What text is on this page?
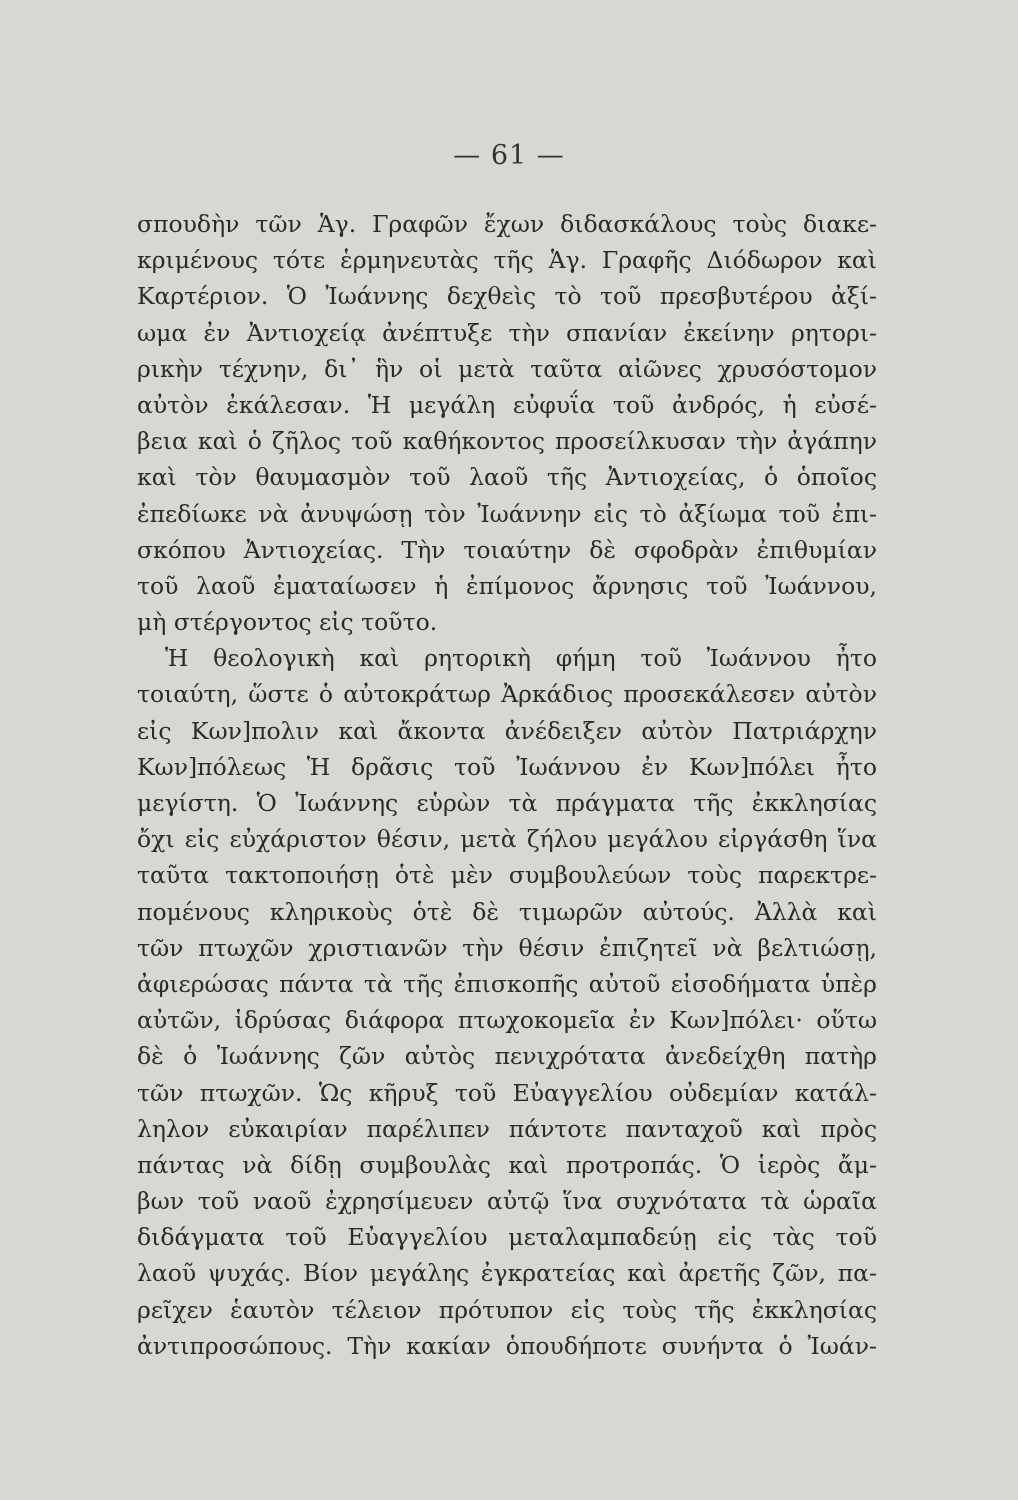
— 61 —
σπουδὴν τῶν Ἁγ. Γραφῶν ἔχων διδασκάλους τοὺς διακε-
κριμένους τότε ἑρμηνευτὰς τῆς Ἁγ. Γραφῆς Διόδωρον καὶ
Καρτέριον. Ὁ Ἰωάννης δεχθεὶς τὸ τοῦ πρεσβυτέρου ἀξί-
ωμα ἐν Ἀντιοχείᾳ ἀνέπτυξε τὴν σπανίαν ἐκείνην ρητορι-
ρικὴν τέχνην, δι᾿ ἣν οἱ μετὰ ταῦτα αἰῶνες χρυσόστομον
αὐτὸν ἐκάλεσαν. Ἡ μεγάλη εὐφυΐα τοῦ ἀνδρός, ἡ εὐσέ-
βεια καὶ ὁ ζῆλος τοῦ καθήκοντος προσείλκυσαν τὴν ἀγάπην
καὶ τὸν θαυμασμὸν τοῦ λαοῦ τῆς Ἀντιοχείας, ὁ ὁποῖος
ἐπεδίωκε νὰ ἀνυψώσῃ τὸν Ἰωάννην εἰς τὸ ἀξίωμα τοῦ ἐπι-
σκόπου Ἀντιοχείας. Τὴν τοιαύτην δὲ σφοδρὰν ἐπιθυμίαν
τοῦ λαοῦ ἐματαίωσεν ἡ ἐπίμονος ἄρνησις τοῦ Ἰωάννου,
μὴ στέργοντος εἰς τοῦτο.
Ἡ θεολογικὴ καὶ ρητορικὴ φήμη τοῦ Ἰωάννου ἦτο
τοιαύτη, ὥστε ὁ αὐτοκράτωρ Ἀρκάδιος προσεκάλεσεν αὐτὸν
εἰς Κων]πολιν καὶ ἄκοντα ἀνέδειξεν αὐτὸν Πατριάρχην
Κων]πόλεως Ἡ δρᾶσις τοῦ Ἰωάννου ἐν Κων]πόλει ἦτο
μεγίστη. Ὁ Ἰωάννης εὑρὼν τὰ πράγματα τῆς ἐκκλησίας
ὄχι εἰς εὐχάριστον θέσιν, μετὰ ζήλου μεγάλου εἰργάσθη ἵνα
ταῦτα τακτοποιήσῃ ὁτὲ μὲν συμβουλεύων τοὺς παρεκτρε-
πομένους κληρικοὺς ὁτὲ δὲ τιμωρῶν αὐτούς. Ἀλλὰ καὶ
τῶν πτωχῶν χριστιανῶν τὴν θέσιν ἐπιζητεῖ νὰ βελτιώσῃ,
ἀφιερώσας πάντα τὰ τῆς ἐπισκοπῆς αὐτοῦ εἰσοδήματα ὑπὲρ
αὐτῶν, ἱδρύσας διάφορα πτωχοκομεῖα ἐν Κων]πόλει· οὕτω
δὲ ὁ Ἰωάννης ζῶν αὐτὸς πενιχρότατα ἀνεδείχθη πατὴρ
τῶν πτωχῶν. Ὡς κῆρυξ τοῦ Εὐαγγελίου οὐδεμίαν κατάλ-
ληλον εὐκαιρίαν παρέλιπεν πάντοτε πανταχοῦ καὶ πρὸς
πάντας νὰ δίδῃ συμβουλὰς καὶ προτροπάς. Ὁ ἱερὸς ἄμ-
βων τοῦ ναοῦ ἐχρησίμευεν αὐτῷ ἵνα συχνότατα τὰ ὡραῖα
διδάγματα τοῦ Εὐαγγελίου μεταλαμπαδεύῃ εἰς τὰς τοῦ
λαοῦ ψυχάς. Βίον μεγάλης ἐγκρατείας καὶ ἀρετῆς ζῶν, πα-
ρεῖχεν ἑαυτὸν τέλειον πρότυπον εἰς τοὺς τῆς ἐκκλησίας
ἀντιπροσώπους. Τὴν κακίαν ὁπουδήποτε συνήντα ὁ Ἰωάν-
